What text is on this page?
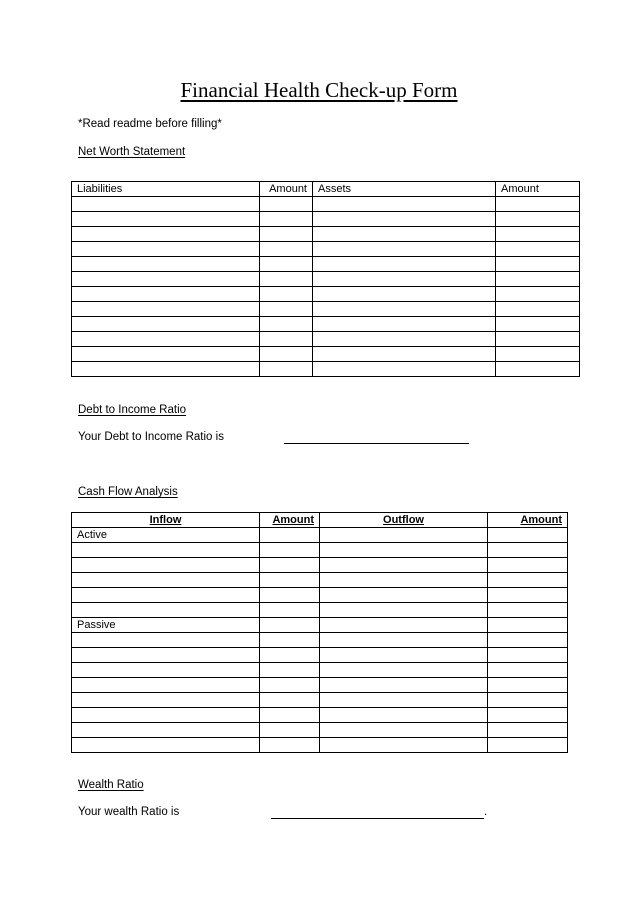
Financial Health Check-up Form
*Read readme before filling*
Net Worth Statement
Liabilities	Amount	Assets	Amount

Debt to Income Ratio
Your Debt to Income Ratio is
Cash Flow Analysis
Inflow	Amount	Outflow	Amount
Active			

Passive			

Wealth Ratio
Your wealth Ratio is	.
